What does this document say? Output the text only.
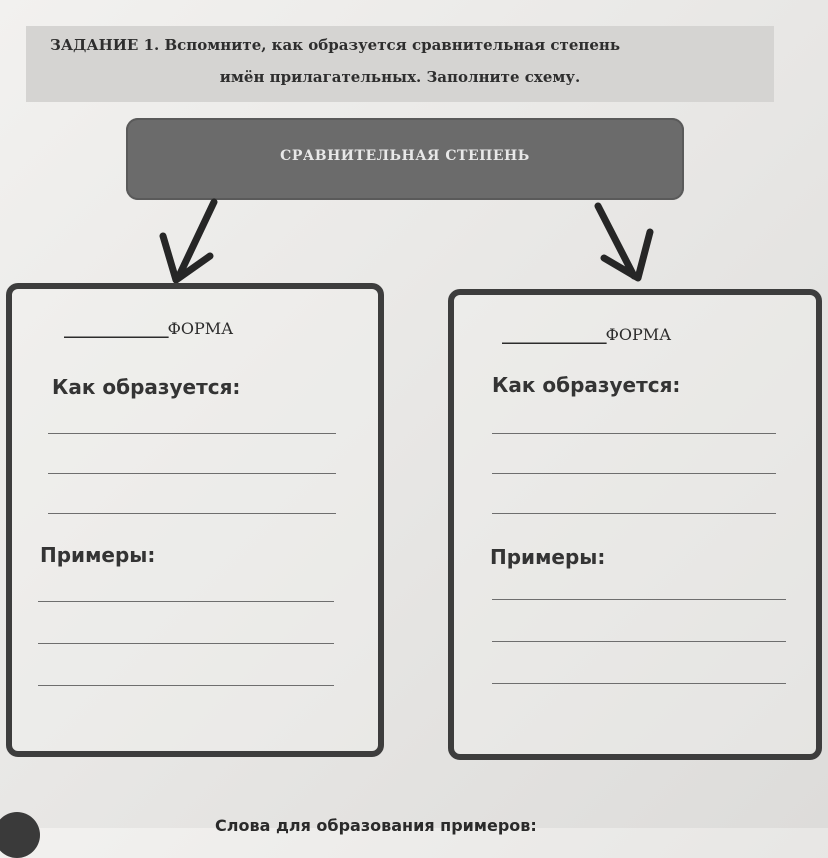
ЗАДАНИЕ 1. Вспомните, как образуется сравнительная степень
имён прилагательных. Заполните схему.
СРАВНИТЕЛЬНАЯ СТЕПЕНЬ
____________ФОРМА
Как образуется:
Примеры:
____________ФОРМА
Как образуется:
Примеры:
Слова для образования примеров:
